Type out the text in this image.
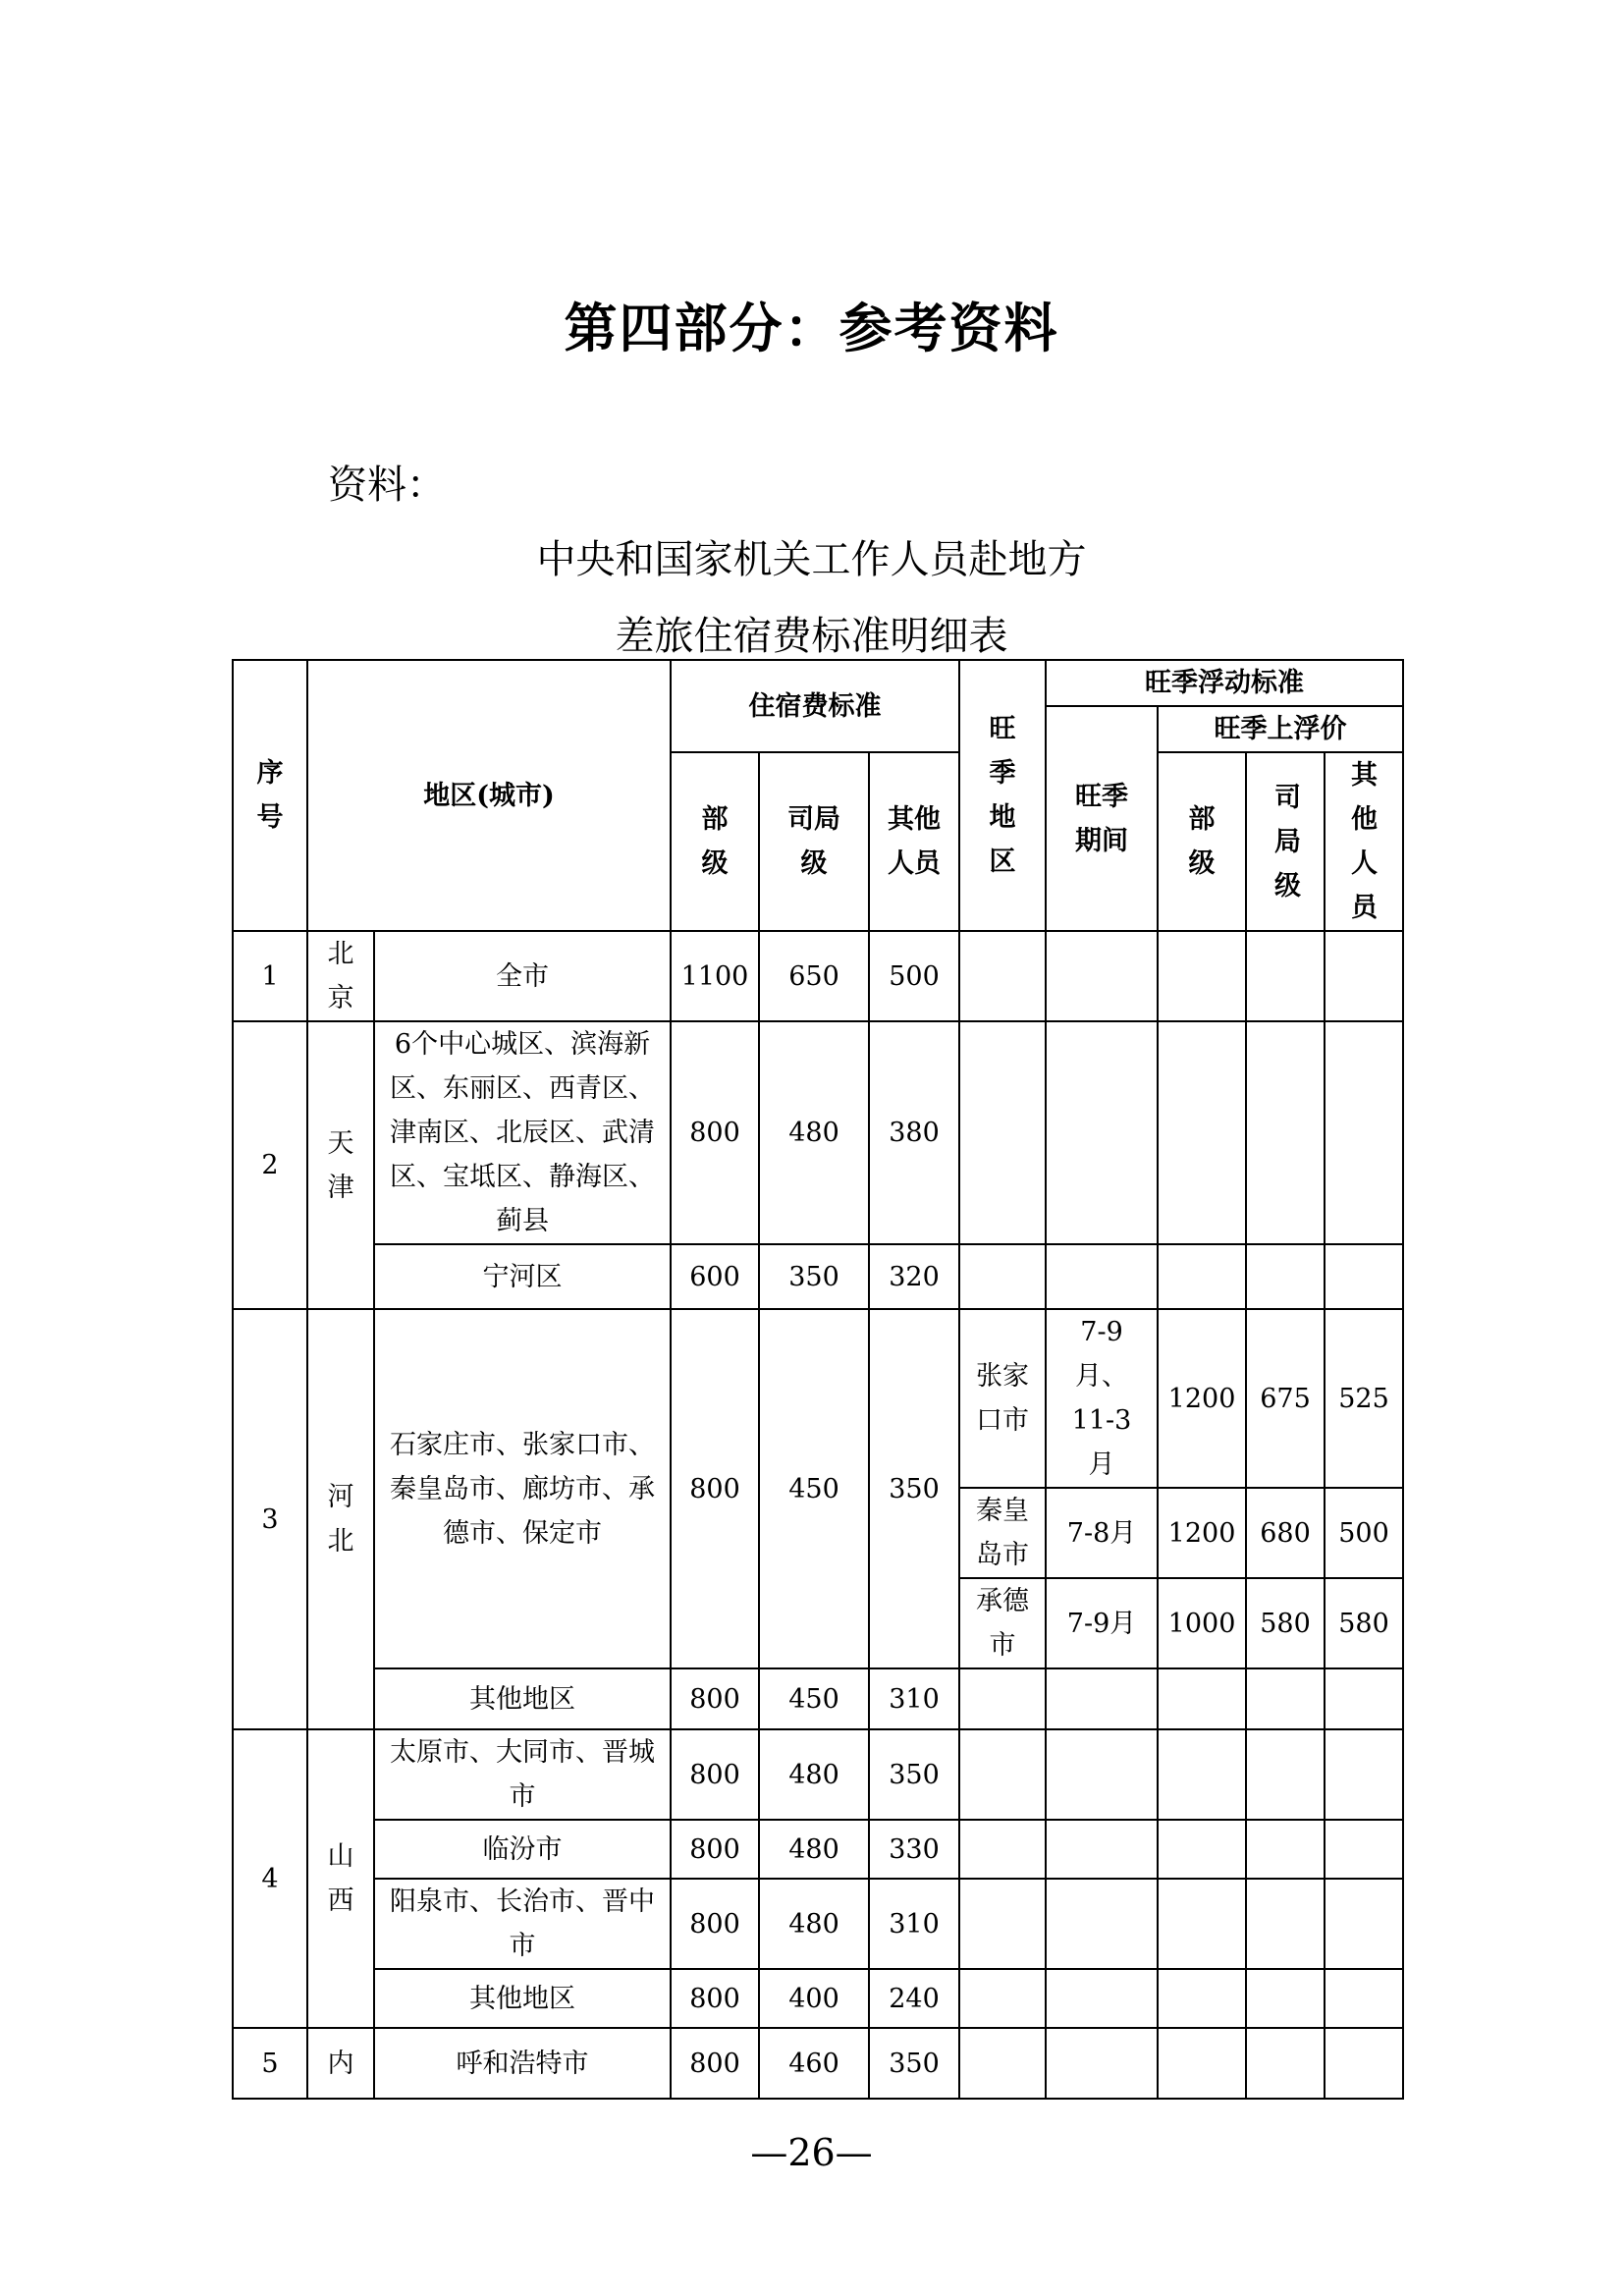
第四部分：参考资料
资料：
中央和国家机关工作人员赴地方
差旅住宿费标准明细表
序号	地区(城市)		住宿费标准			旺季地区	旺季浮动标准			
							旺季期间	旺季上浮价		
			部级	司局级	其他人员			部级	司局级	其他人员
1	北京	全市	1100	650	500					
2	天津	6个中心城区、滨海新区、东丽区、西青区、津南区、北辰区、武清区、宝坻区、静海区、蓟县	800	480	380					
		宁河区	600	350	320					
3	河北	石家庄市、张家口市、秦皇岛市、廊坊市、承德市、保定市	800	450	350	张家口市	7-9月、11-3月	1200	675	525
						秦皇岛市	7-8月	1200	680	500
						承德市	7-9月	1000	580	580
		其他地区	800	450	310					
4	山西	太原市、大同市、晋城市	800	480	350					
		临汾市	800	480	330					
		阳泉市、长治市、晋中市	800	480	310					
		其他地区	800	400	240					
5	内	呼和浩特市	800	460	350					
—26—
